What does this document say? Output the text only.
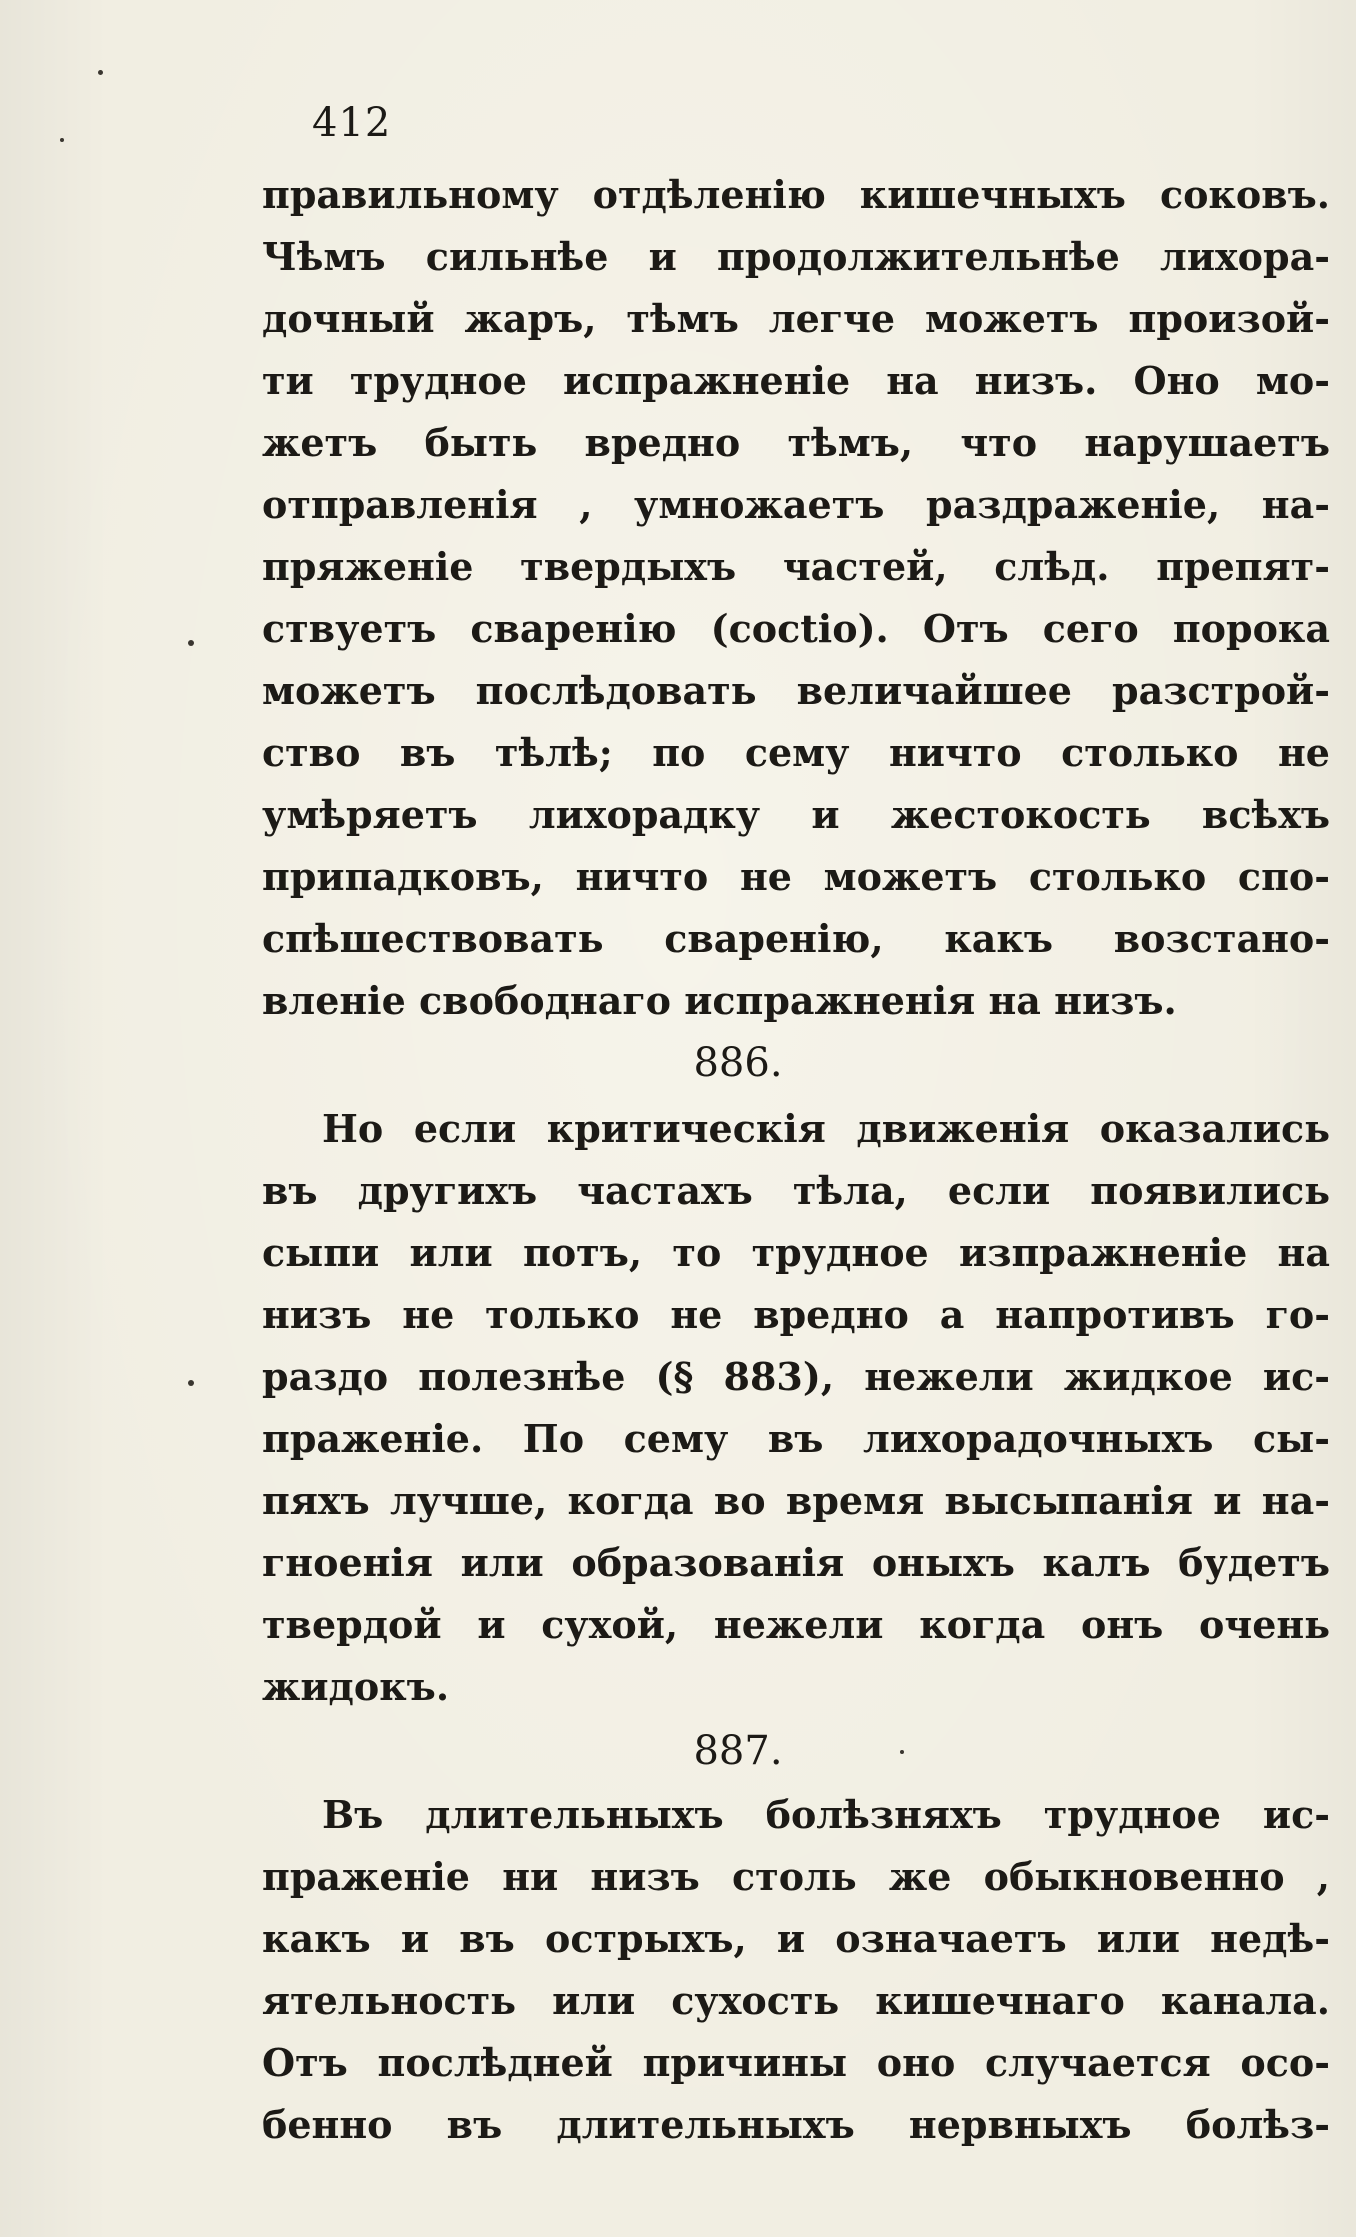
412
правильному отдѣленію кишечныхъ соковъ.
Чѣмъ сильнѣе и продолжительнѣе лихора-
дочный жаръ, тѣмъ легче можетъ произой-
ти трудное испражненіе на низъ. Оно мо-
жетъ быть вредно тѣмъ, что нарушаетъ
отправленія , умножаетъ раздраженіе, на-
пряженіе твердыхъ частей, слѣд. препят-
ствуетъ свaренію (coctio). Отъ сего порока
можетъ послѣдовать величайшее разстрой-
ство въ тѣлѣ; по сему ничто столько не
умѣряетъ лихорадку и жестокость всѣхъ
припадковъ, ничто не можетъ столько спо-
спѣшествовать сваренію, какъ возстано-
вленіе свободнаго испражненія на низъ.
886.
Но если критическія движенія оказались
въ другихъ частахъ тѣла, если появились
сыпи или потъ, то трудное изпражненіе на
низъ не только не вредно а напротивъ го-
раздо полезнѣе (§ 883), нежели жидкое ис-
праженіе. По сему въ лихорадочныхъ сы-
пяхъ лучше, когда во время высыпанія и на-
гноенія или образованія оныхъ калъ будетъ
твердой и сухой, нежели когда онъ очень
жидокъ.
887.
Въ длительныхъ болѣзняхъ трудное ис-
праженіе ни низъ столь же обыкновенно ,
какъ и въ острыхъ, и означаетъ или недѣ-
ятельность или сухость кишечнаго канала.
Отъ послѣдней причины оно случается осо-
бенно въ длительныхъ нервныхъ болѣз-
